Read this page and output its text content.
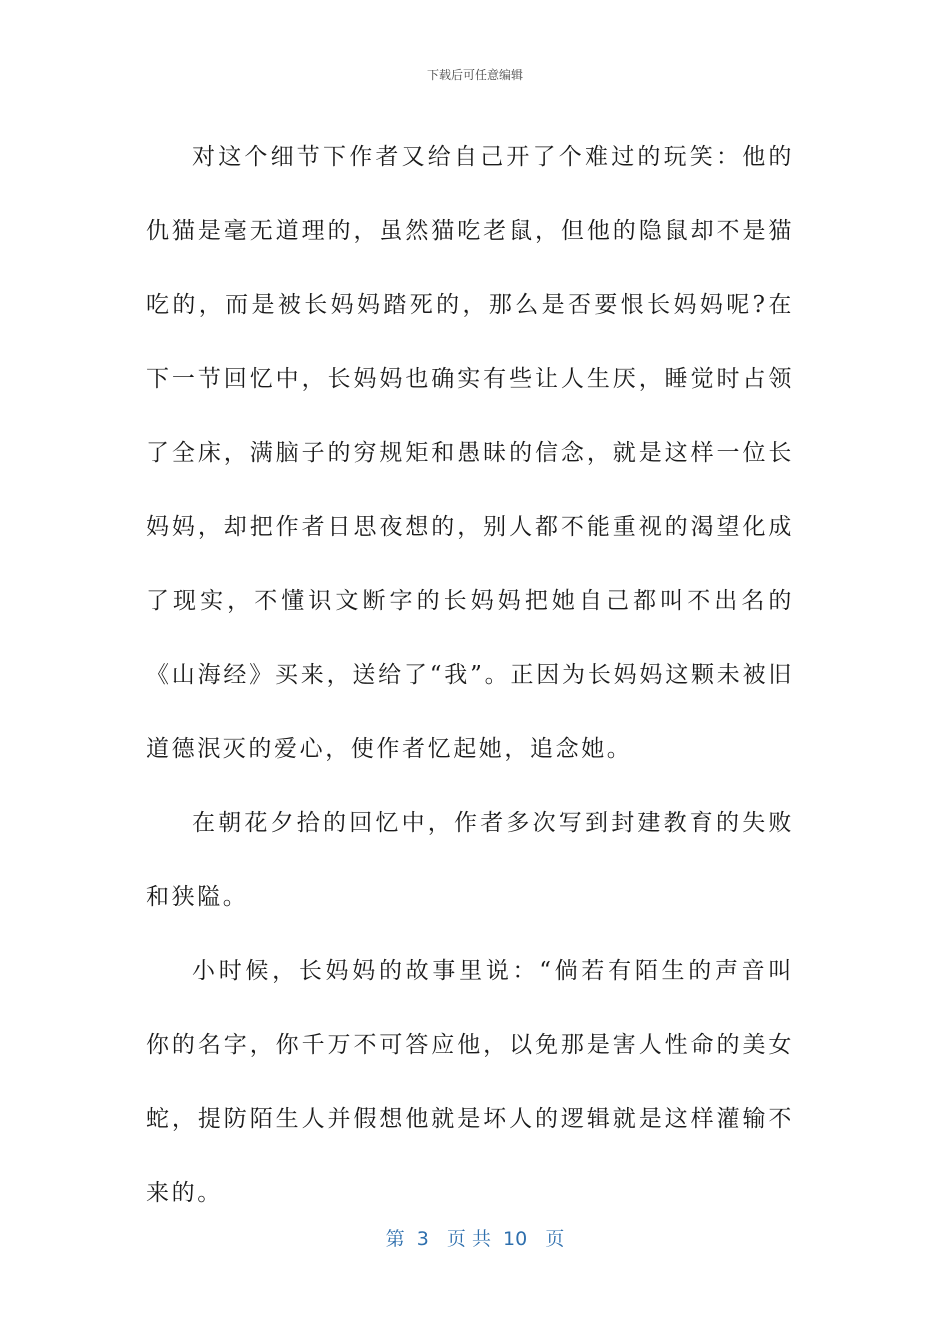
下载后可任意编辑

对这个细节下作者又给自己开了个难过的玩笑：他的仇猫是毫无道理的，虽然猫吃老鼠，但他的隐鼠却不是猫吃的，而是被长妈妈踏死的，那么是否要恨长妈妈呢?在下一节回忆中，长妈妈也确实有些让人生厌，睡觉时占领了全床，满脑子的穷规矩和愚昧的信念，就是这样一位长妈妈，却把作者日思夜想的，别人都不能重视的渴望化成了现实，不懂识文断字的长妈妈把她自己都叫不出名的《山海经》买来，送给了“我”。正因为长妈妈这颗未被旧道德泯灭的爱心，使作者忆起她，追念她。

在朝花夕拾的回忆中，作者多次写到封建教育的失败和狭隘。

小时候，长妈妈的故事里说：“倘若有陌生的声音叫你的名字，你千万不可答应他，以免那是害人性命的美女蛇，提防陌生人并假想他就是坏人的逻辑就是这样灌输不来的。

第  3   页 共  10   页
